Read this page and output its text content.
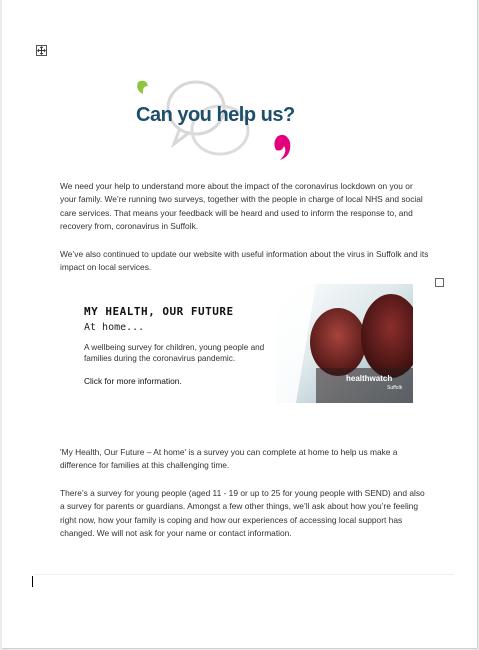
Can you help us?
We need your help to understand more about the impact of the coronavirus lockdown on you or your family. We’re running two surveys, together with the people in charge of local NHS and social care services. That means your feedback will be heard and used to inform the response to, and recovery from, coronavirus in Suffolk.
We’ve also continued to update our website with useful information about the virus in Suffolk and its impact on local services.
MY HEALTH, OUR FUTURE
At home...
A wellbeing survey for children, young people and families during the coronavirus pandemic.
Click for more information.	healthwatch
Suffolk
'My Health, Our Future – At home' is a survey you can complete at home to help us make a difference for families at this challenging time.
There’s a survey for young people (aged 11 - 19 or up to 25 for young people with SEND) and also a survey for parents or guardians. Amongst a few other things, we’ll ask about how you’re feeling right now, how your family is coping and how our experiences of accessing local support has changed. We will not ask for your name or contact information.
